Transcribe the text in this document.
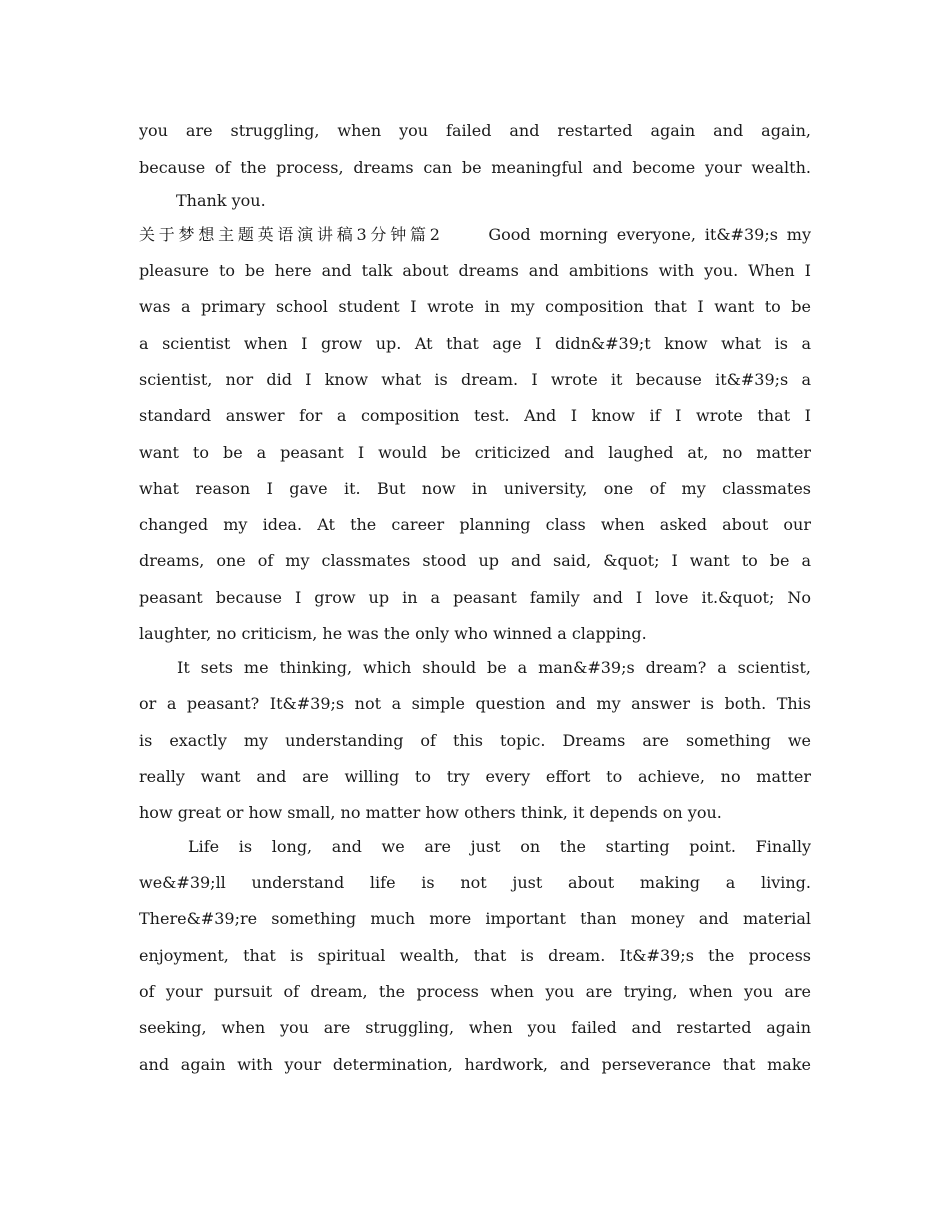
you are struggling, when you failed and restarted again and again,
because of the process, dreams can be meaningful and become your wealth.
Thank you.
关于梦想主题英语演讲稿3分钟篇2 　　Good morning everyone, it&#39;s my
pleasure to be here and talk about dreams and ambitions with you. When I
was a primary school student I wrote in my composition that I want to be
a scientist when I grow up. At that age I didn&#39;t know what is a
scientist, nor did I know what is dream. I wrote it because it&#39;s a
standard answer for a composition test. And I know if I wrote that I
want to be a peasant I would be criticized and laughed at, no matter
what reason I gave it. But now in university, one of my classmates
changed my idea. At the career planning class when asked about our
dreams, one of my classmates stood up and said, &quot; I want to be a
peasant because I grow up in a peasant family and I love it.&quot; No
laughter, no criticism, he was the only who winned a clapping.
It sets me thinking, which should be a man&#39;s dream? a scientist,
or a peasant? It&#39;s not a simple question and my answer is both. This
is exactly my understanding of this topic. Dreams are something we
really want and are willing to try every effort to achieve, no matter
how great or how small, no matter how others think, it depends on you.
Life is long, and we are just on the starting point. Finally
we&#39;ll understand life is not just about making a living.
There&#39;re something much more important than money and material
enjoyment, that is spiritual wealth, that is dream. It&#39;s the process
of your pursuit of dream, the process when you are trying, when you are
seeking, when you are struggling, when you failed and restarted again
and again with your determination, hardwork, and perseverance that make
